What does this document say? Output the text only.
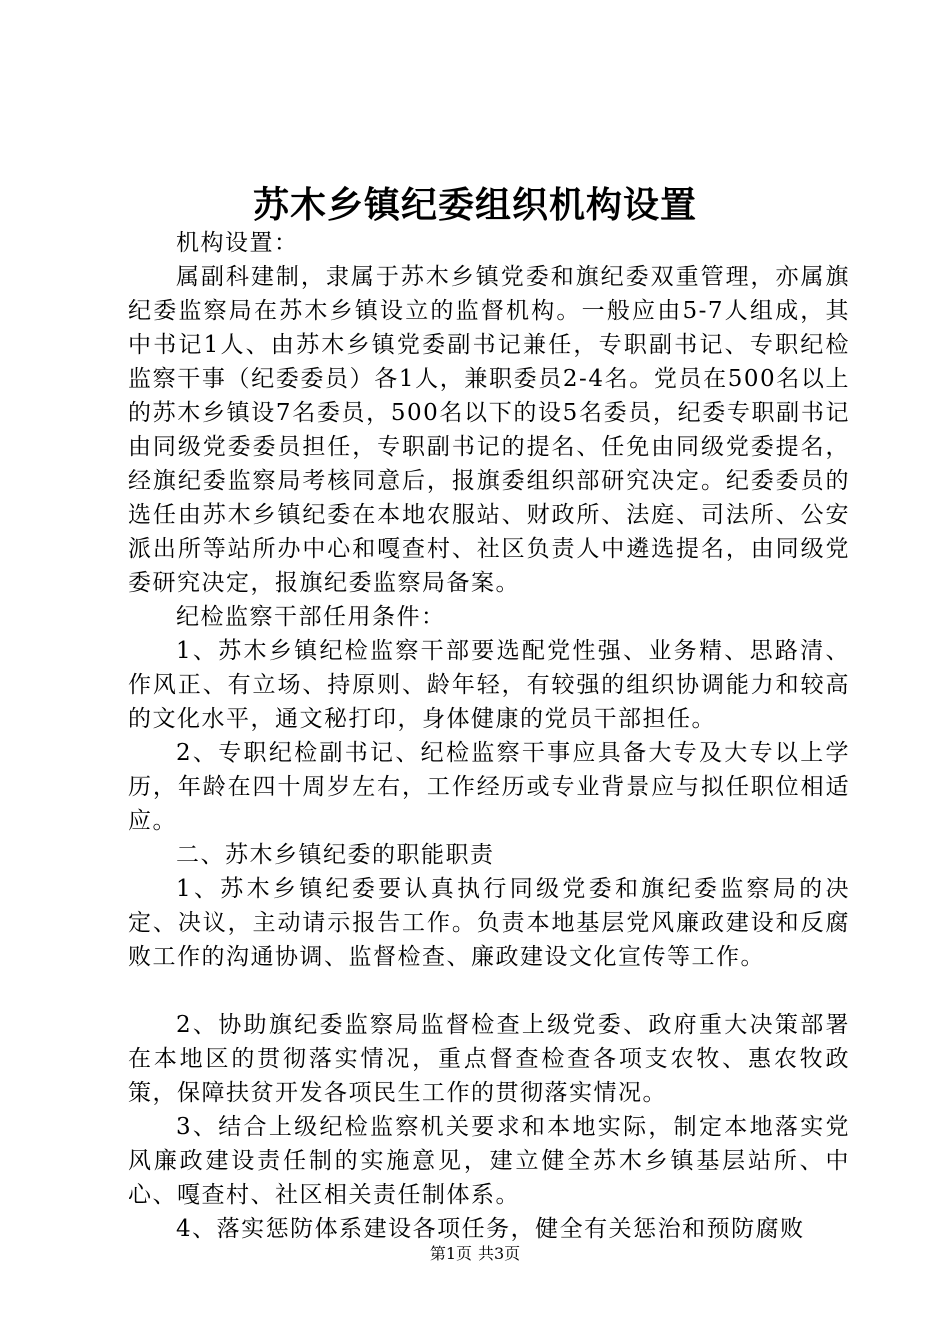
苏木乡镇纪委组织机构设置

机构设置：

属副科建制，隶属于苏木乡镇党委和旗纪委双重管理，亦属旗纪委监察局在苏木乡镇设立的监督机构。一般应由5-7人组成，其中书记1人、由苏木乡镇党委副书记兼任，专职副书记、专职纪检监察干事（纪委委员）各1人，兼职委员2-4名。党员在500名以上的苏木乡镇设7名委员，500名以下的设5名委员，纪委专职副书记由同级党委委员担任，专职副书记的提名、任免由同级党委提名，经旗纪委监察局考核同意后，报旗委组织部研究决定。纪委委员的选任由苏木乡镇纪委在本地农服站、财政所、法庭、司法所、公安派出所等站所办中心和嘎查村、社区负责人中遴选提名，由同级党委研究决定，报旗纪委监察局备案。

纪检监察干部任用条件：

1、苏木乡镇纪检监察干部要选配党性强、业务精、思路清、作风正、有立场、持原则、龄年轻，有较强的组织协调能力和较高的文化水平，通文秘打印，身体健康的党员干部担任。

2、专职纪检副书记、纪检监察干事应具备大专及大专以上学历，年龄在四十周岁左右，工作经历或专业背景应与拟任职位相适应。

二、苏木乡镇纪委的职能职责

1、苏木乡镇纪委要认真执行同级党委和旗纪委监察局的决定、决议，主动请示报告工作。负责本地基层党风廉政建设和反腐败工作的沟通协调、监督检查、廉政建设文化宣传等工作。

2、协助旗纪委监察局监督检查上级党委、政府重大决策部署在本地区的贯彻落实情况，重点督查检查各项支农牧、惠农牧政策，保障扶贫开发各项民生工作的贯彻落实情况。

3、结合上级纪检监察机关要求和本地实际，制定本地落实党风廉政建设责任制的实施意见，建立健全苏木乡镇基层站所、中心、嘎查村、社区相关责任制体系。

4、落实惩防体系建设各项任务，健全有关惩治和预防腐败

第1页 共3页
